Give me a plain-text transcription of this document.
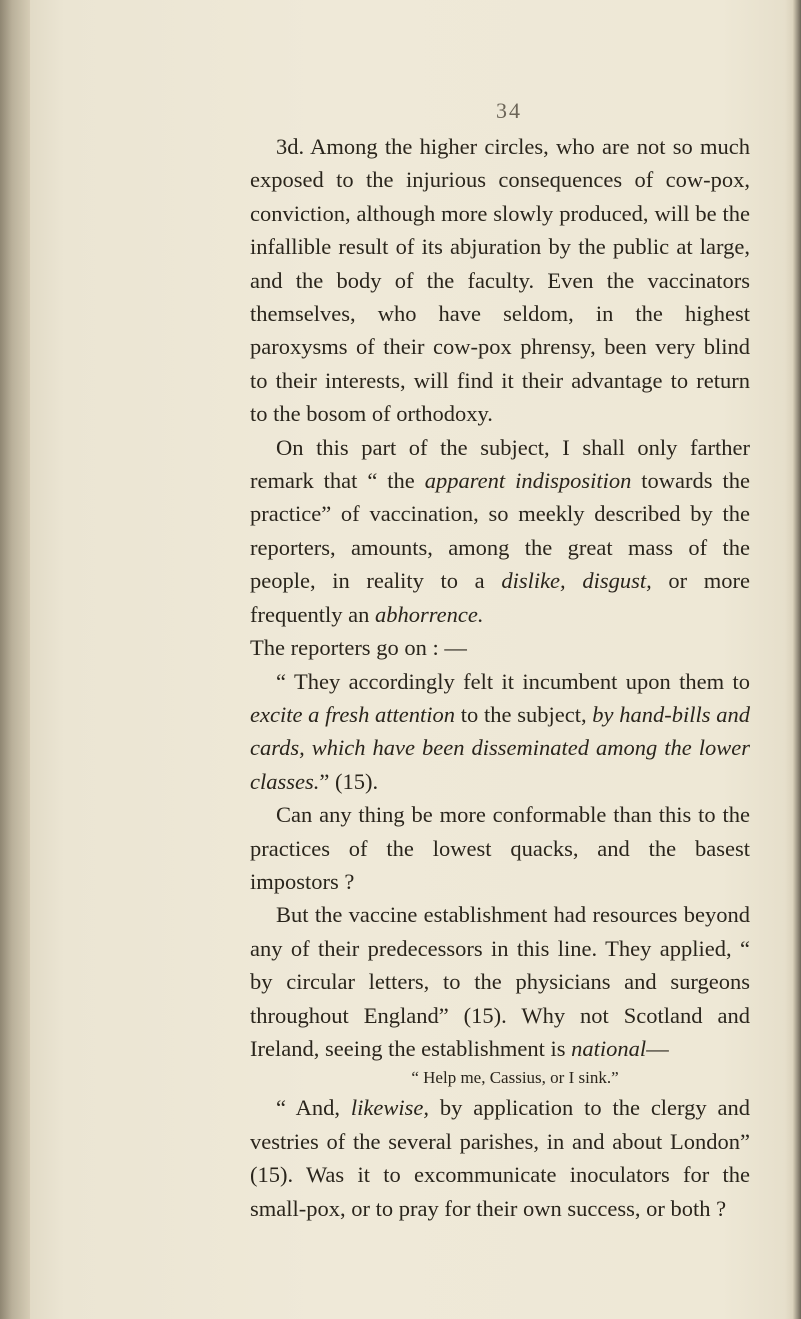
34

3d. Among the higher circles, who are not so much exposed to the injurious consequences of cow-pox, conviction, although more slowly produced, will be the infallible result of its abjuration by the public at large, and the body of the faculty. Even the vaccinators themselves, who have seldom, in the highest paroxysms of their cow-pox phrensy, been very blind to their interests, will find it their advantage to return to the bosom of orthodoxy.

On this part of the subject, I shall only farther remark that “ the apparent indisposition towards the practice” of vaccination, so meekly described by the reporters, amounts, among the great mass of the people, in reality to a dislike, disgust, or more frequently an abhorrence.
The reporters go on : —

“ They accordingly felt it incumbent upon them to excite a fresh attention to the subject, by hand-bills and cards, which have been disseminated among the lower classes.” (15).

Can any thing be more conformable than this to the practices of the lowest quacks, and the basest impostors ?

But the vaccine establishment had resources beyond any of their predecessors in this line. They applied, “ by circular letters, to the physicians and surgeons throughout England” (15). Why not Scotland and Ireland, seeing the establishment is national—

“ Help me, Cassius, or I sink.”

“ And, likewise, by application to the clergy and vestries of the several parishes, in and about London” (15). Was it to excommunicate inoculators for the small-pox, or to pray for their own success, or both ?
